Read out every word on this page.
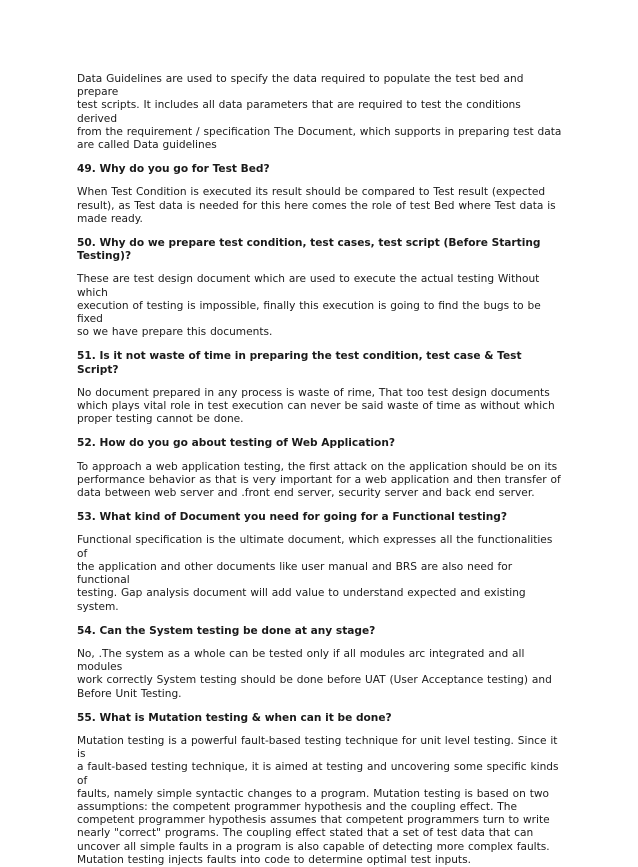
Data Guidelines are used to specify the data required to populate the test bed and prepare
test scripts. It includes all data parameters that are required to test the conditions derived
from the requirement / specification The Document, which supports in preparing test data
are called Data guidelines

49. Why do you go for Test Bed?

When Test Condition is executed its result should be compared to Test result (expected
result), as Test data is needed for this here comes the role of test Bed where Test data is
made ready.

50. Why do we prepare test condition, test cases, test script (Before Starting
Testing)?

These are test design document which are used to execute the actual testing Without which
execution of testing is impossible, finally this execution is going to find the bugs to be fixed
so we have prepare this documents.

51. Is it not waste of time in preparing the test condition, test case & Test Script?

No document prepared in any process is waste of rime, That too test design documents
which plays vital role in test execution can never be said waste of time as without which
proper testing cannot be done.

52. How do you go about testing of Web Application?

To approach a web application testing, the first attack on the application should be on its
performance behavior as that is very important for a web application and then transfer of
data between web server and .front end server, security server and back end server.

53. What kind of Document you need for going for a Functional testing?

Functional specification is the ultimate document, which expresses all the functionalities of
the application and other documents like user manual and BRS are also need for functional
testing. Gap analysis document will add value to understand expected and existing system.

54. Can the System testing be done at any stage?

No, .The system as a whole can be tested only if all modules arc integrated and all modules
work correctly System testing should be done before UAT (User Acceptance testing) and
Before Unit Testing.

55. What is Mutation testing & when can it be done?

Mutation testing is a powerful fault-based testing technique for unit level testing. Since it is
a fault-based testing technique, it is aimed at testing and uncovering some specific kinds of
faults, namely simple syntactic changes to a program. Mutation testing is based on two
assumptions: the competent programmer hypothesis and the coupling effect. The
competent programmer hypothesis assumes that competent programmers turn to write
nearly "correct" programs. The coupling effect stated that a set of test data that can
uncover all simple faults in a program is also capable of detecting more complex faults.
Mutation testing injects faults into code to determine optimal test inputs.
